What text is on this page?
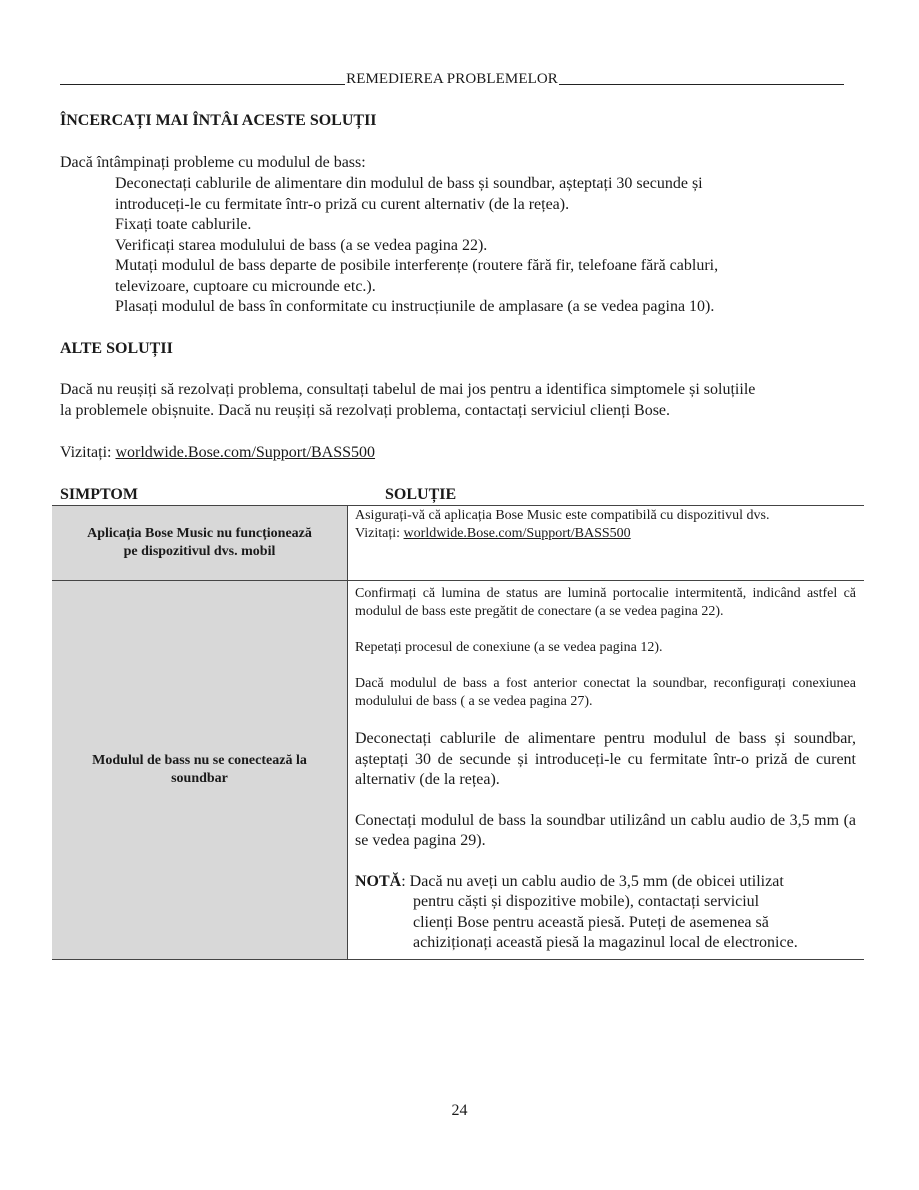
REMEDIEREA PROBLEMELOR
ÎNCERCAȚI MAI ÎNTÂI ACESTE SOLUȚII

Dacă întâmpinați probleme cu modulul de bass:

Deconectați cablurile de alimentare din modulul de bass și soundbar, așteptați 30 secunde și
introduceți-le cu fermitate într-o priză cu curent alternativ (de la rețea).
Fixați toate cablurile.
Verificați starea modulului de bass (a se vedea pagina 22).
Mutați modulul de bass departe de posibile interferențe (routere fără fir, telefoane fără cabluri,
televizoare, cuptoare cu microunde etc.).
Plasați modulul de bass în conformitate cu instrucțiunile de amplasare (a se vedea pagina 10).
ALTE SOLUȚII

Dacă nu reușiți să rezolvați problema, consultați tabelul de mai jos pentru a identifica simptomele și soluțiile

la problemele obișnuite. Dacă nu reușiți să rezolvați problema, contactați serviciul clienți Bose.

Vizitați: worldwide.Bose.com/Support/BASS500

SIMPTOM	SOLUȚIE
Aplicația Bose Music nu funcționează
pe dispozitivul dvs. mobil

Asigurați-vă că aplicația Bose Music este compatibilă cu dispozitivul dvs.

Vizitați: worldwide.Bose.com/Support/BASS500

Modulul de bass nu se conectează la
soundbar

Confirmați că lumina de status are lumină portocalie intermitentă, indicând astfel că modulul de bass este pregătit de conectare (a se vedea pagina 22).

Repetați procesul de conexiune (a se vedea pagina 12).

Dacă modulul de bass a fost anterior conectat la soundbar, reconfigurați conexiunea modulului de bass ( a se vedea pagina 27).

Deconectați cablurile de alimentare pentru modulul de bass și soundbar, așteptați 30 de secunde și introduceți-le cu fermitate într-o priză de curent alternativ (de la rețea).

Conectați modulul de bass la soundbar utilizând un cablu audio de 3,5 mm (a se vedea pagina 29).

NOTĂ: Dacă nu aveți un cablu audio de 3,5 mm (de obicei utilizat
pentru căști și dispozitive mobile), contactați serviciul
clienți Bose pentru această piesă. Puteți de asemenea să
achiziționați această piesă la magazinul local de electronice.
24
